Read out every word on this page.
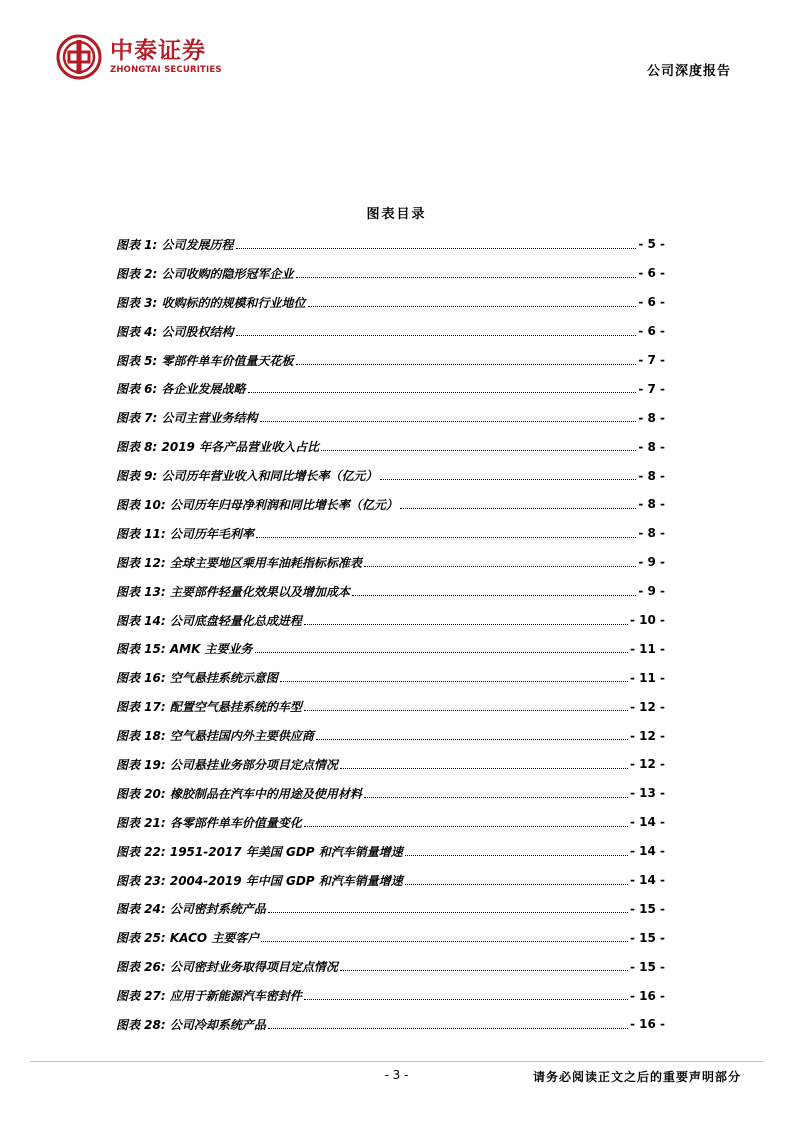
中泰证券
ZHONGTAI SECURITIES	公司深度报告
图表目录
图表 1: 公司发展历程	- 5 -
图表 2: 公司收购的隐形冠军企业	- 6 -
图表 3: 收购标的的规模和行业地位	- 6 -
图表 4: 公司股权结构	- 6 -
图表 5: 零部件单车价值量天花板	- 7 -
图表 6: 各企业发展战略	- 7 -
图表 7: 公司主营业务结构	- 8 -
图表 8: 2019 年各产品营业收入占比	- 8 -
图表 9: 公司历年营业收入和同比增长率（亿元）	- 8 -
图表 10: 公司历年归母净利润和同比增长率（亿元）	- 8 -
图表 11: 公司历年毛利率	- 8 -
图表 12: 全球主要地区乘用车油耗指标标准表	- 9 -
图表 13: 主要部件轻量化效果以及增加成本	- 9 -
图表 14: 公司底盘轻量化总成进程	- 10 -
图表 15: AMK 主要业务	- 11 -
图表 16: 空气悬挂系统示意图	- 11 -
图表 17: 配置空气悬挂系统的车型	- 12 -
图表 18: 空气悬挂国内外主要供应商	- 12 -
图表 19: 公司悬挂业务部分项目定点情况	- 12 -
图表 20: 橡胶制品在汽车中的用途及使用材料	- 13 -
图表 21: 各零部件单车价值量变化	- 14 -
图表 22: 1951-2017 年美国 GDP 和汽车销量增速	- 14 -
图表 23: 2004-2019 年中国 GDP 和汽车销量增速	- 14 -
图表 24: 公司密封系统产品	- 15 -
图表 25: KACO 主要客户	- 15 -
图表 26: 公司密封业务取得项目定点情况	- 15 -
图表 27: 应用于新能源汽车密封件	- 16 -
图表 28: 公司冷却系统产品	- 16 -
- 3 -	请务必阅读正文之后的重要声明部分
